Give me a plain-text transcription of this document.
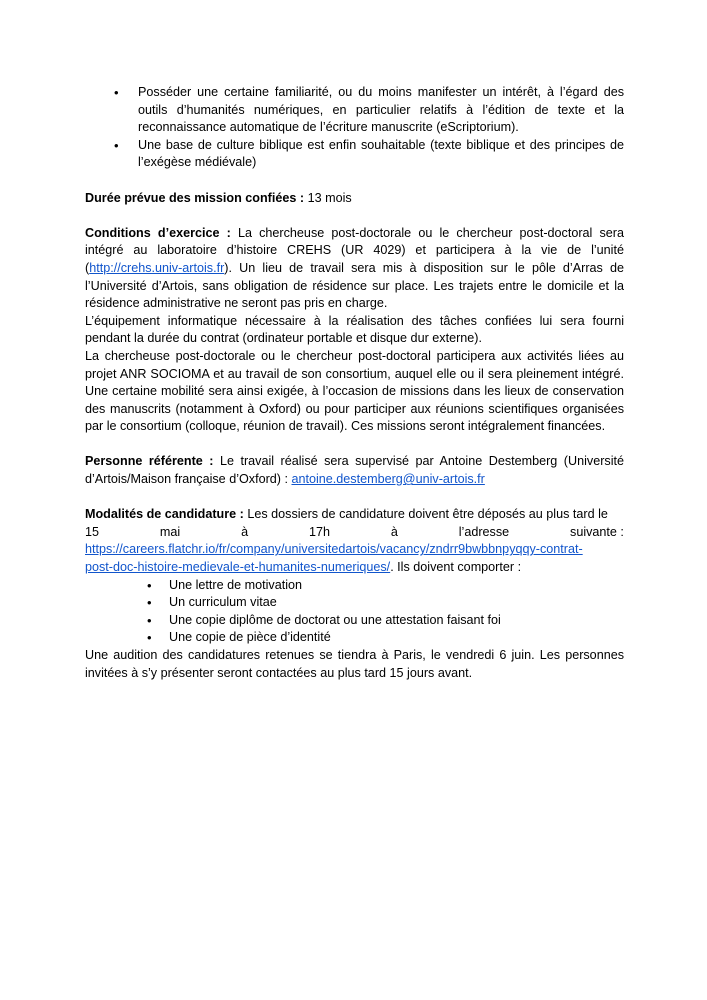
• Posséder une certaine familiarité, ou du moins manifester un intérêt, à l’égard des outils d’humanités numériques, en particulier relatifs à l’édition de texte et la reconnaissance automatique de l’écriture manuscrite (eScriptorium).
• Une base de culture biblique est enfin souhaitable (texte biblique et des principes de l’exégèse médiévale)
Durée prévue des mission confiées : 13 mois
Conditions d’exercice : La chercheuse post-doctorale ou le chercheur post-doctoral sera intégré au laboratoire d’histoire CREHS (UR 4029) et participera à la vie de l’unité (http://crehs.univ-artois.fr). Un lieu de travail sera mis à disposition sur le pôle d’Arras de l’Université d’Artois, sans obligation de résidence sur place. Les trajets entre le domicile et la résidence administrative ne seront pas pris en charge.
L’équipement informatique nécessaire à la réalisation des tâches confiées lui sera fourni pendant la durée du contrat (ordinateur portable et disque dur externe).
La chercheuse post-doctorale ou le chercheur post-doctoral participera aux activités liées au projet ANR SOCIOMA et au travail de son consortium, auquel elle ou il sera pleinement intégré. Une certaine mobilité sera ainsi exigée, à l’occasion de missions dans les lieux de conservation des manuscrits (notamment à Oxford) ou pour participer aux réunions scientifiques organisées par le consortium (colloque, réunion de travail). Ces missions seront intégralement financées.
Personne référente : Le travail réalisé sera supervisé par Antoine Destemberg (Université d’Artois/Maison française d’Oxford) : antoine.destemberg@univ-artois.fr
Modalités de candidature : Les dossiers de candidature doivent être déposés au plus tard le
15	mai	à	17h	à	l’adresse	suivante :
https://careers.flatchr.io/fr/company/universitedartois/vacancy/zndrr9bwbbnpyqqy-contrat-
post-doc-histoire-medievale-et-humanites-numeriques/. Ils doivent comporter :
• Une lettre de motivation
• Un curriculum vitae
• Une copie diplôme de doctorat ou une attestation faisant foi
• Une copie de pièce d’identité
Une audition des candidatures retenues se tiendra à Paris, le vendredi 6 juin. Les personnes invitées à s’y présenter seront contactées au plus tard 15 jours avant.
